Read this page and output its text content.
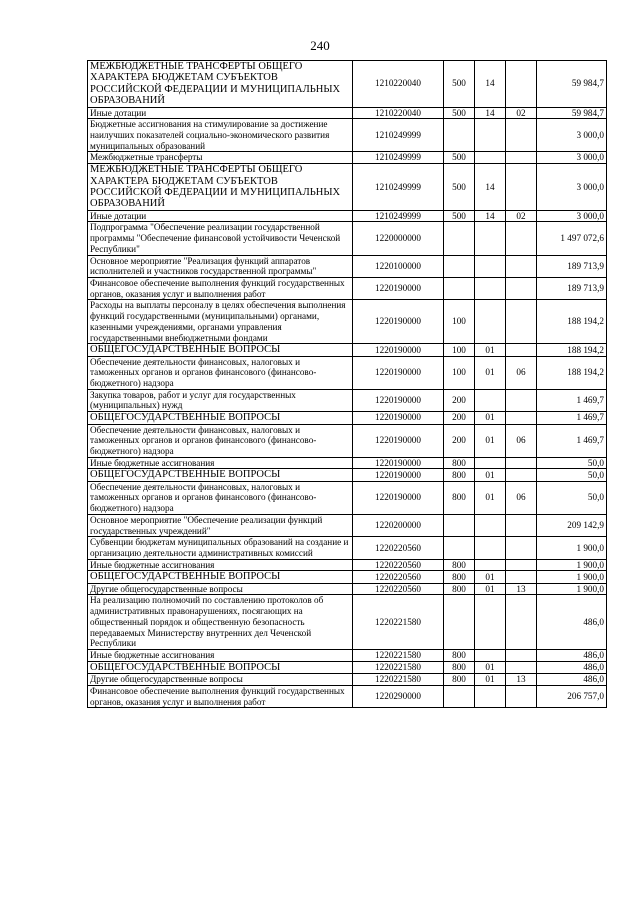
240
МЕЖБЮДЖЕТНЫЕ ТРАНСФЕРТЫ ОБЩЕГО ХАРАКТЕРА БЮДЖЕТАМ СУБЪЕКТОВ РОССИЙСКОЙ ФЕДЕРАЦИИ И МУНИЦИПАЛЬНЫХ ОБРАЗОВАНИЙ	1210220040	500	14		59 984,7
Иные дотации	1210220040	500	14	02	59 984,7
Бюджетные ассигнования на стимулирование за достижение наилучших показателей социально-экономического развития муниципальных образований	1210249999				3 000,0
Межбюджетные трансферты	1210249999	500			3 000,0
МЕЖБЮДЖЕТНЫЕ ТРАНСФЕРТЫ ОБЩЕГО ХАРАКТЕРА БЮДЖЕТАМ СУБЪЕКТОВ РОССИЙСКОЙ ФЕДЕРАЦИИ И МУНИЦИПАЛЬНЫХ ОБРАЗОВАНИЙ	1210249999	500	14		3 000,0
Иные дотации	1210249999	500	14	02	3 000,0
Подпрограмма "Обеспечение реализации государственной программы "Обеспечение финансовой устойчивости Чеченской Республики"	1220000000				1 497 072,6
Основное мероприятие "Реализация функций аппаратов исполнителей и участников государственной программы"	1220100000				189 713,9
Финансовое обеспечение выполнения функций государственных органов, оказания услуг и выполнения работ	1220190000				189 713,9
Расходы на выплаты персоналу в целях обеспечения выполнения функций государственными (муниципальными) органами, казенными учреждениями, органами управления государственными внебюджетными фондами	1220190000	100			188 194,2
ОБЩЕГОСУДАРСТВЕННЫЕ ВОПРОСЫ	1220190000	100	01		188 194,2
Обеспечение деятельности финансовых, налоговых и таможенных органов и органов финансового (финансово-бюджетного) надзора	1220190000	100	01	06	188 194,2
Закупка товаров, работ и услуг для государственных (муниципальных) нужд	1220190000	200			1 469,7
ОБЩЕГОСУДАРСТВЕННЫЕ ВОПРОСЫ	1220190000	200	01		1 469,7
Обеспечение деятельности финансовых, налоговых и таможенных органов и органов финансового (финансово-бюджетного) надзора	1220190000	200	01	06	1 469,7
Иные бюджетные ассигнования	1220190000	800			50,0
ОБЩЕГОСУДАРСТВЕННЫЕ ВОПРОСЫ	1220190000	800	01		50,0
Обеспечение деятельности финансовых, налоговых и таможенных органов и органов финансового (финансово-бюджетного) надзора	1220190000	800	01	06	50,0
Основное мероприятие "Обеспечение реализации функций государственных учреждений"	1220200000				209 142,9
Субвенции бюджетам муниципальных образований на создание и организацию деятельности административных комиссий	1220220560				1 900,0
Иные бюджетные ассигнования	1220220560	800			1 900,0
ОБЩЕГОСУДАРСТВЕННЫЕ ВОПРОСЫ	1220220560	800	01		1 900,0
Другие общегосударственные вопросы	1220220560	800	01	13	1 900,0
На реализацию полномочий по составлению протоколов об административных правонарушениях, посягающих на общественный порядок и общественную безопасность передаваемых Министерству внутренних дел Чеченской Республики	1220221580				486,0
Иные бюджетные ассигнования	1220221580	800			486,0
ОБЩЕГОСУДАРСТВЕННЫЕ ВОПРОСЫ	1220221580	800	01		486,0
Другие общегосударственные вопросы	1220221580	800	01	13	486,0
Финансовое обеспечение выполнения функций государственных органов, оказания услуг и выполнения работ	1220290000				206 757,0
